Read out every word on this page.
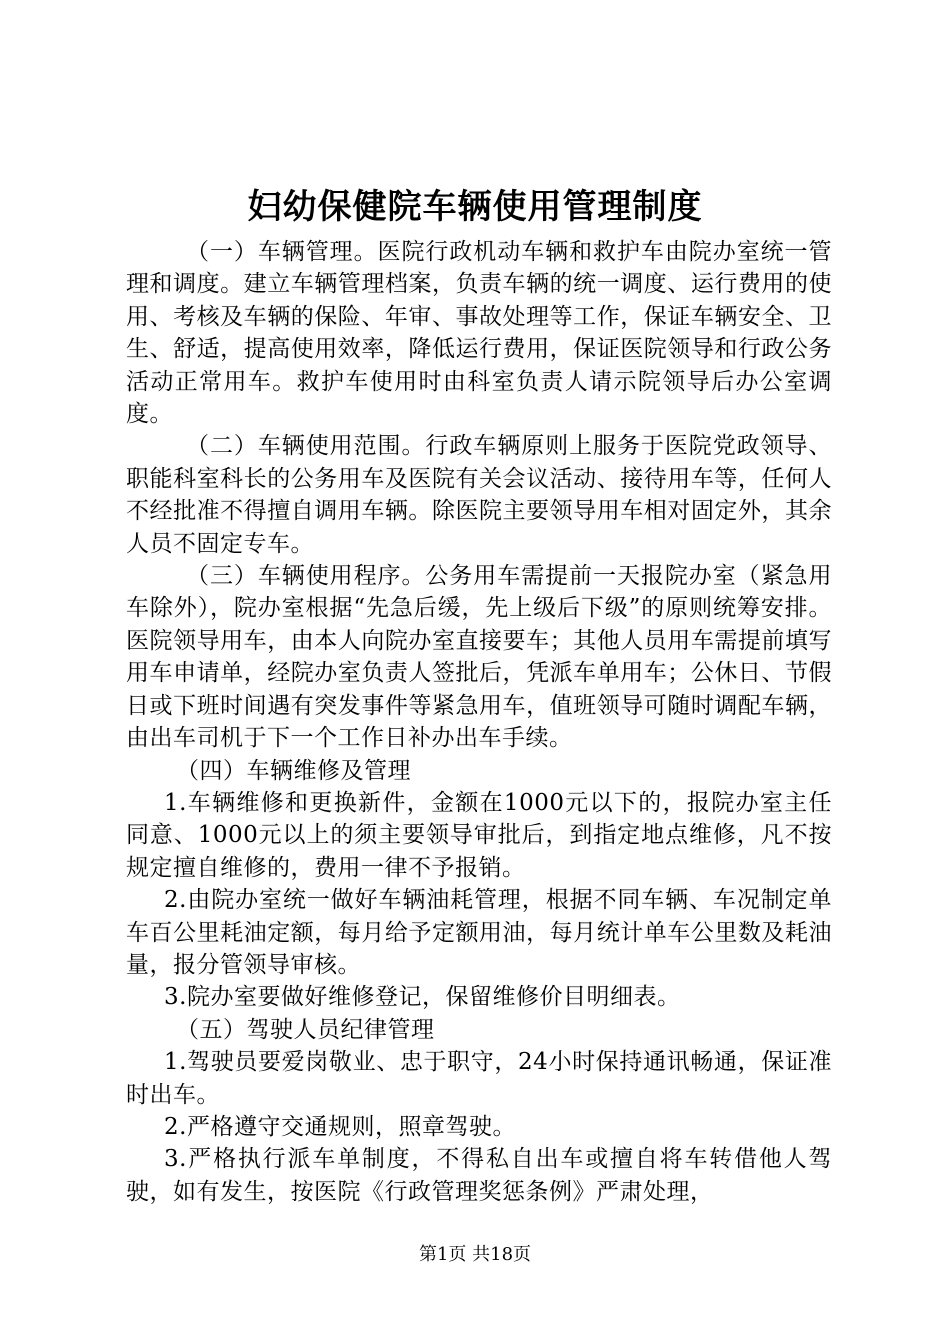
妇幼保健院车辆使用管理制度

（一）车辆管理。医院行政机动车辆和救护车由院办室统一管理和调度。建立车辆管理档案，负责车辆的统一调度、运行费用的使用、考核及车辆的保险、年审、事故处理等工作，保证车辆安全、卫生、舒适，提高使用效率，降低运行费用，保证医院领导和行政公务活动正常用车。救护车使用时由科室负责人请示院领导后办公室调度。

（二）车辆使用范围。行政车辆原则上服务于医院党政领导、职能科室科长的公务用车及医院有关会议活动、接待用车等，任何人不经批准不得擅自调用车辆。除医院主要领导用车相对固定外，其余人员不固定专车。

（三）车辆使用程序。公务用车需提前一天报院办室（紧急用车除外），院办室根据“先急后缓，先上级后下级”的原则统筹安排。医院领导用车，由本人向院办室直接要车；其他人员用车需提前填写用车申请单，经院办室负责人签批后，凭派车单用车；公休日、节假日或下班时间遇有突发事件等紧急用车，值班领导可随时调配车辆，由出车司机于下一个工作日补办出车手续。

（四）车辆维修及管理

1.车辆维修和更换新件，金额在1000元以下的，报院办室主任同意、1000元以上的须主要领导审批后，到指定地点维修，凡不按规定擅自维修的，费用一律不予报销。

2.由院办室统一做好车辆油耗管理，根据不同车辆、车况制定单车百公里耗油定额，每月给予定额用油，每月统计单车公里数及耗油量，报分管领导审核。

3.院办室要做好维修登记，保留维修价目明细表。

（五）驾驶人员纪律管理

1.驾驶员要爱岗敬业、忠于职守，24小时保持通讯畅通，保证准时出车。

2.严格遵守交通规则，照章驾驶。

3.严格执行派车单制度，不得私自出车或擅自将车转借他人驾驶，如有发生，按医院《行政管理奖惩条例》严肃处理，

第1页 共18页
